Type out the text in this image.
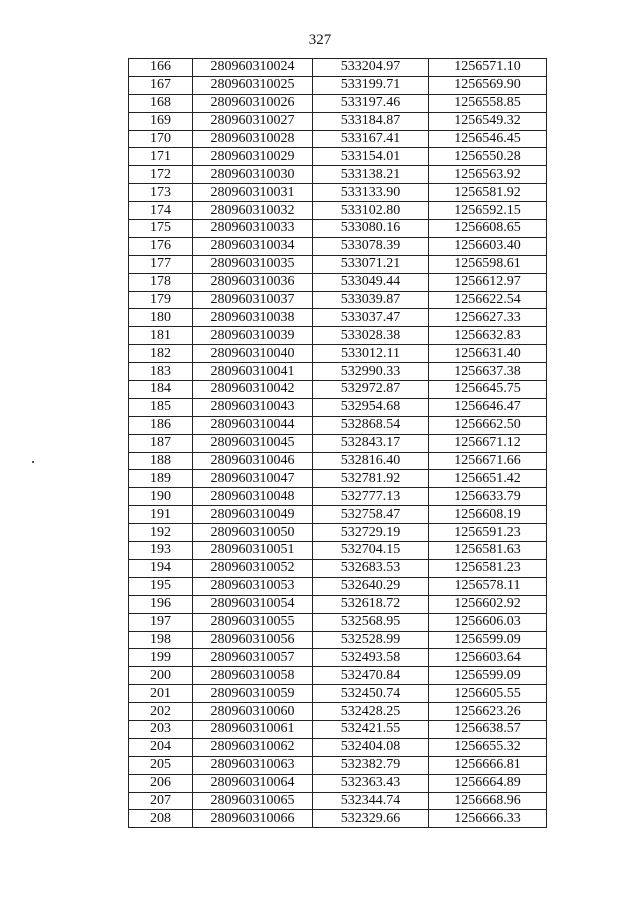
327
166	280960310024	533204.97	1256571.10
167	280960310025	533199.71	1256569.90
168	280960310026	533197.46	1256558.85
169	280960310027	533184.87	1256549.32
170	280960310028	533167.41	1256546.45
171	280960310029	533154.01	1256550.28
172	280960310030	533138.21	1256563.92
173	280960310031	533133.90	1256581.92
174	280960310032	533102.80	1256592.15
175	280960310033	533080.16	1256608.65
176	280960310034	533078.39	1256603.40
177	280960310035	533071.21	1256598.61
178	280960310036	533049.44	1256612.97
179	280960310037	533039.87	1256622.54
180	280960310038	533037.47	1256627.33
181	280960310039	533028.38	1256632.83
182	280960310040	533012.11	1256631.40
183	280960310041	532990.33	1256637.38
184	280960310042	532972.87	1256645.75
185	280960310043	532954.68	1256646.47
186	280960310044	532868.54	1256662.50
187	280960310045	532843.17	1256671.12
188	280960310046	532816.40	1256671.66
189	280960310047	532781.92	1256651.42
190	280960310048	532777.13	1256633.79
191	280960310049	532758.47	1256608.19
192	280960310050	532729.19	1256591.23
193	280960310051	532704.15	1256581.63
194	280960310052	532683.53	1256581.23
195	280960310053	532640.29	1256578.11
196	280960310054	532618.72	1256602.92
197	280960310055	532568.95	1256606.03
198	280960310056	532528.99	1256599.09
199	280960310057	532493.58	1256603.64
200	280960310058	532470.84	1256599.09
201	280960310059	532450.74	1256605.55
202	280960310060	532428.25	1256623.26
203	280960310061	532421.55	1256638.57
204	280960310062	532404.08	1256655.32
205	280960310063	532382.79	1256666.81
206	280960310064	532363.43	1256664.89
207	280960310065	532344.74	1256668.96
208	280960310066	532329.66	1256666.33
